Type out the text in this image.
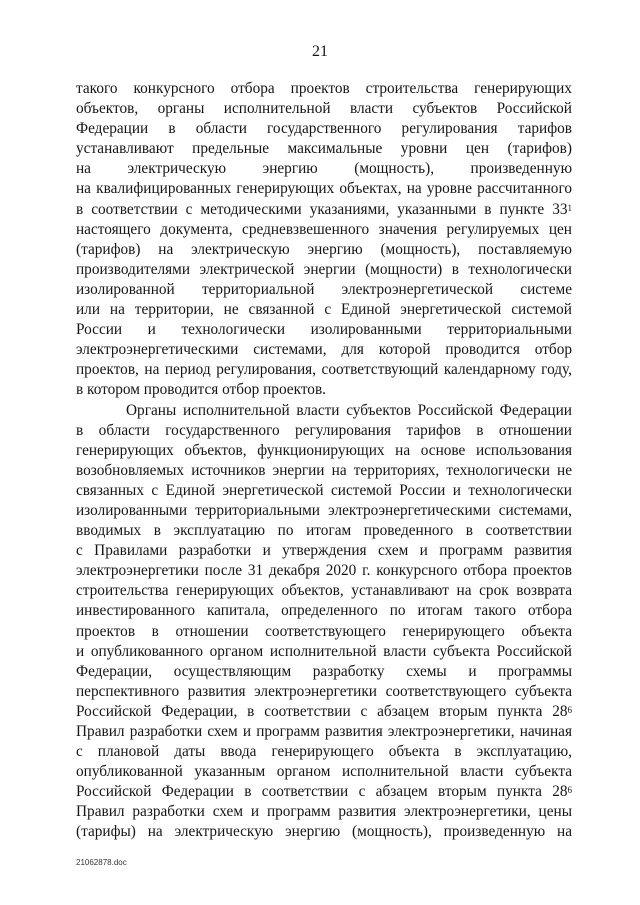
21
такого конкурсного отбора проектов строительства генерирующих
объектов, органы исполнительной власти субъектов Российской
Федерации в области государственного регулирования тарифов
устанавливают предельные максимальные уровни цен (тарифов)
на электрическую энергию (мощность), произведенную
на квалифицированных генерирующих объектах, на уровне рассчитанного
в соответствии с методическими указаниями, указанными в пункте $33^1$
настоящего документа, средневзвешенного значения регулируемых цен
(тарифов) на электрическую энергию (мощность), поставляемую
производителями электрической энергии (мощности) в технологически
изолированной территориальной электроэнергетической системе
или на территории, не связанной с Единой энергетической системой
России и технологически изолированными территориальными
электроэнергетическими системами, для которой проводится отбор
проектов, на период регулирования, соответствующий календарному году,
в котором проводится отбор проектов.
Органы исполнительной власти субъектов Российской Федерации
в области государственного регулирования тарифов в отношении
генерирующих объектов, функционирующих на основе использования
возобновляемых источников энергии на территориях, технологически не
связанных с Единой энергетической системой России и технологически
изолированными территориальными электроэнергетическими системами,
вводимых в эксплуатацию по итогам проведенного в соответствии
с Правилами разработки и утверждения схем и программ развития
электроэнергетики после 31 декабря 2020 г. конкурсного отбора проектов
строительства генерирующих объектов, устанавливают на срок возврата
инвестированного капитала, определенного по итогам такого отбора
проектов в отношении соответствующего генерирующего объекта
и опубликованного органом исполнительной власти субъекта Российской
Федерации, осуществляющим разработку схемы и программы
перспективного развития электроэнергетики соответствующего субъекта
Российской Федерации, в соответствии с абзацем вторым пункта $28^6$
Правил разработки схем и программ развития электроэнергетики, начиная
с плановой даты ввода генерирующего объекта в эксплуатацию,
опубликованной указанным органом исполнительной власти субъекта
Российской Федерации в соответствии с абзацем вторым пункта $28^6$
Правил разработки схем и программ развития электроэнергетики, цены
(тарифы) на электрическую энергию (мощность), произведенную на
21062878.doc
